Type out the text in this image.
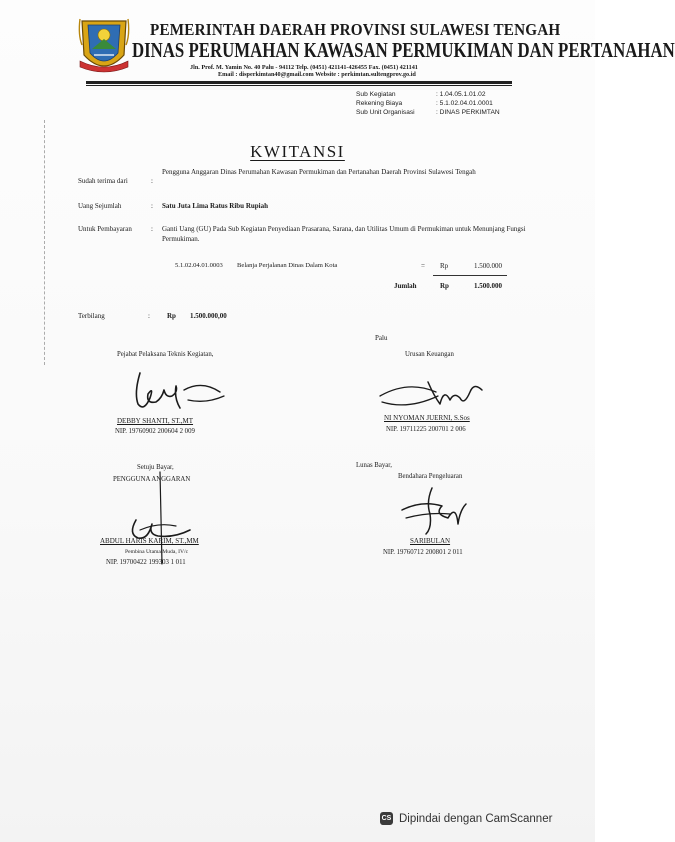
PEMERINTAH DAERAH PROVINSI SULAWESI TENGAH
DINAS PERUMAHAN KAWASAN PERMUKIMAN DAN PERTANAHAN
Jln. Prof. M. Yamin No. 40 Palu - 94112 Telp. (0451) 421141-426455 Fax. (0451) 421141
Email : disperkimtan40@gmail.com Website : perkimtan.sultengprov.go.id
Sub Kegiatan	: 1.04.05.1.01.02
Rekening Biaya	: 5.1.02.04.01.0001
Sub Unit Organisasi	: DINAS PERKIMTAN
KWITANSI
Sudah terima dari	:
Pengguna Anggaran Dinas Perumahan Kawasan Permukiman dan Pertanahan Daerah Provinsi Sulawesi Tengah
Uang Sejumlah	: Satu Juta Lima Ratus Ribu Rupiah
Untuk Pembayaran	: Ganti Uang (GU) Pada Sub Kegiatan Penyediaan Prasarana, Sarana, dan Utilitas Umum di Permukiman untuk Menunjang Fungsi Permukiman.
5.1.02.04.01.0003 Belanja Perjalanan Dinas Dalam Kota	= Rp	1.500.000
Jumlah	Rp	1.500.000
Terbilang	: Rp 1.500.000,00
Palu
Pejabat Pelaksana Teknis Kegiatan,
DEBBY SHANTI, ST.,MT
NIP. 19760902 200604 2 009
Urusan Keuangan
NI NYOMAN JUERNI, S.Sos
NIP. 19711225 200701 2 006
Setuju Bayar,
PENGGUNA ANGGARAN
ABDUL HARIS KARIM, ST.,MM
Pembina Utama Muda, IV/c
NIP. 19700422 199303 1 011
Lunas Bayar,
Bendahara Pengeluaran
SARIBULAN
NIP. 19760712 200801 2 011
CS Dipindai dengan CamScanner
